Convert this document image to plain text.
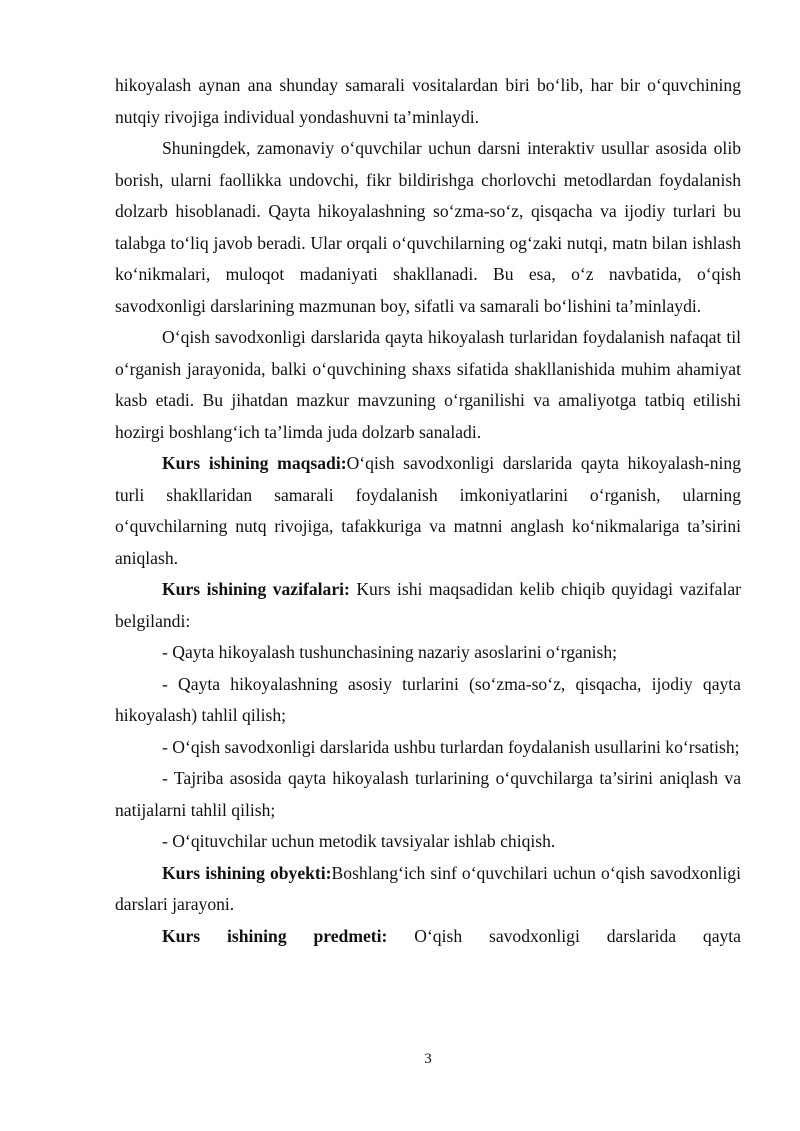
hikoyalash aynan ana shunday samarali vositalardan biri bo‘lib, har bir o‘quvchining nutqiy rivojiga individual yondashuvni ta’minlaydi.

Shuningdek, zamonaviy o‘quvchilar uchun darsni interaktiv usullar asosida olib borish, ularni faollikka undovchi, fikr bildirishga chorlovchi metodlardan foydalanish dolzarb hisoblanadi. Qayta hikoyalashning so‘zma-so‘z, qisqacha va ijodiy turlari bu talabga to‘liq javob beradi. Ular orqali o‘quvchilarning og‘zaki nutqi, matn bilan ishlash ko‘nikmalari, muloqot madaniyati shakllanadi. Bu esa, o‘z navbatida, o‘qish savodxonligi darslarining mazmunan boy, sifatli va samarali bo‘lishini ta’minlaydi.

O‘qish savodxonligi darslarida qayta hikoyalash turlaridan foydalanish nafaqat til o‘rganish jarayonida, balki o‘quvchining shaxs sifatida shakllanishida muhim ahamiyat kasb etadi. Bu jihatdan mazkur mavzuning o‘rganilishi va amaliyotga tatbiq etilishi hozirgi boshlang‘ich ta’limda juda dolzarb sanaladi.

Kurs ishining maqsadi:O‘qish savodxonligi darslarida qayta hikoyalash-ning turli shakllaridan samarali foydalanish imkoniyatlarini o‘rganish, ularning o‘quvchilarning nutq rivojiga, tafakkuriga va matnni anglash ko‘nikmalariga ta’sirini aniqlash.

Kurs ishining vazifalari: Kurs ishi maqsadidan kelib chiqib quyidagi vazifalar belgilandi:

- Qayta hikoyalash tushunchasining nazariy asoslarini o‘rganish;

- Qayta hikoyalashning asosiy turlarini (so‘zma-so‘z, qisqacha, ijodiy qayta hikoyalash) tahlil qilish;

- O‘qish savodxonligi darslarida ushbu turlardan foydalanish usullarini ko‘rsatish;

- Tajriba asosida qayta hikoyalash turlarining o‘quvchilarga ta’sirini aniqlash va natijalarni tahlil qilish;

- O‘qituvchilar uchun metodik tavsiyalar ishlab chiqish.

Kurs ishining obyekti:Boshlang‘ich sinf o‘quvchilari uchun o‘qish savodxonligi darslari jarayoni.

Kurs ishining predmeti: O‘qish savodxonligi darslarida qayta

3
